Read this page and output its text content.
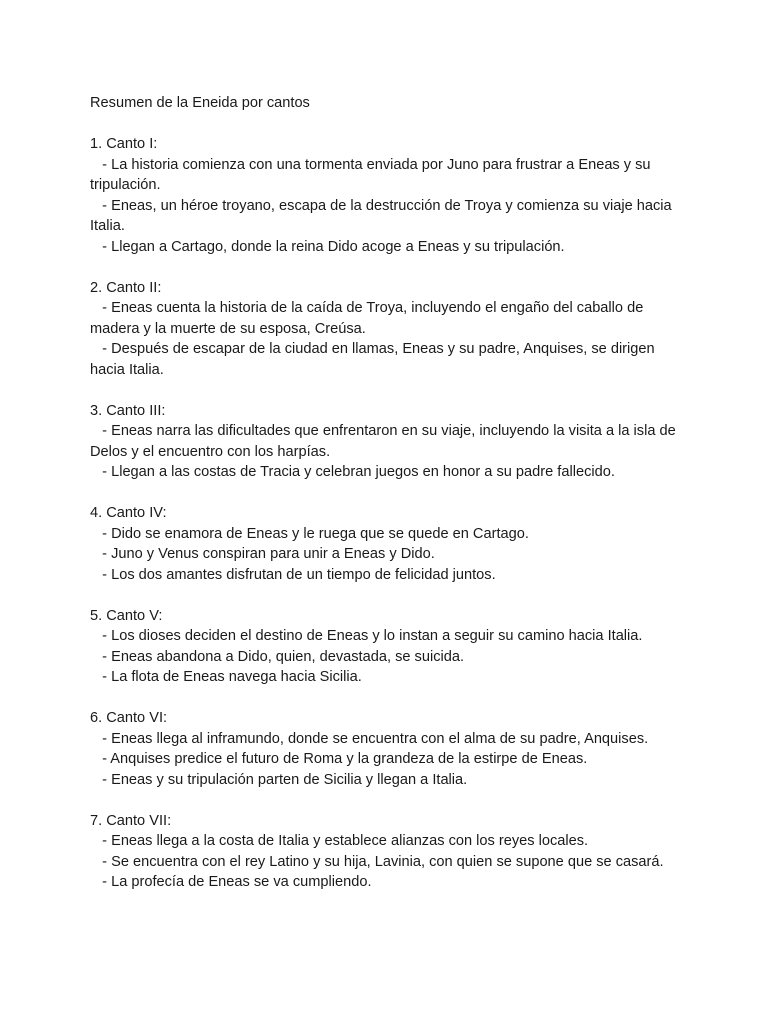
Resumen de la Eneida por cantos
1. Canto I:
- La historia comienza con una tormenta enviada por Juno para frustrar a Eneas y su tripulación.
- Eneas, un héroe troyano, escapa de la destrucción de Troya y comienza su viaje hacia Italia.
- Llegan a Cartago, donde la reina Dido acoge a Eneas y su tripulación.
2. Canto II:
- Eneas cuenta la historia de la caída de Troya, incluyendo el engaño del caballo de madera y la muerte de su esposa, Creúsa.
- Después de escapar de la ciudad en llamas, Eneas y su padre, Anquises, se dirigen hacia Italia.
3. Canto III:
- Eneas narra las dificultades que enfrentaron en su viaje, incluyendo la visita a la isla de Delos y el encuentro con los harpías.
- Llegan a las costas de Tracia y celebran juegos en honor a su padre fallecido.
4. Canto IV:
- Dido se enamora de Eneas y le ruega que se quede en Cartago.
- Juno y Venus conspiran para unir a Eneas y Dido.
- Los dos amantes disfrutan de un tiempo de felicidad juntos.
5. Canto V:
- Los dioses deciden el destino de Eneas y lo instan a seguir su camino hacia Italia.
- Eneas abandona a Dido, quien, devastada, se suicida.
- La flota de Eneas navega hacia Sicilia.
6. Canto VI:
- Eneas llega al inframundo, donde se encuentra con el alma de su padre, Anquises.
- Anquises predice el futuro de Roma y la grandeza de la estirpe de Eneas.
- Eneas y su tripulación parten de Sicilia y llegan a Italia.
7. Canto VII:
- Eneas llega a la costa de Italia y establece alianzas con los reyes locales.
- Se encuentra con el rey Latino y su hija, Lavinia, con quien se supone que se casará.
- La profecía de Eneas se va cumpliendo.
